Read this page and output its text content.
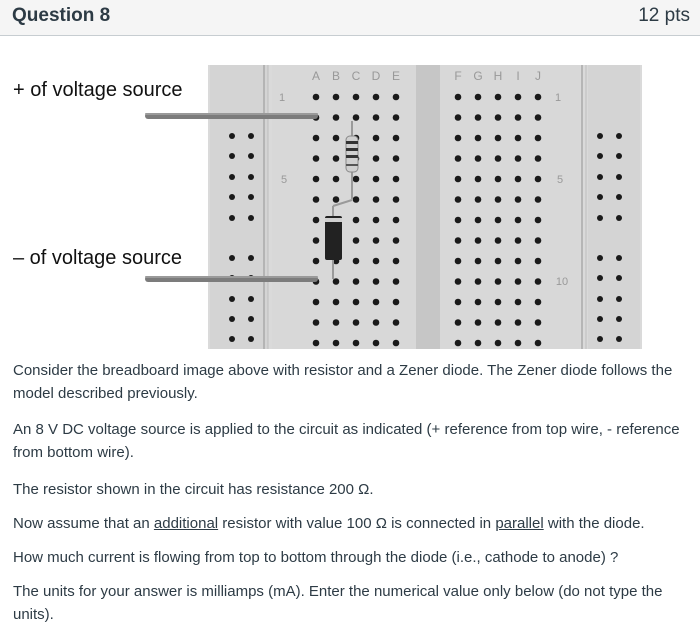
Question 8	12 pts
A B C D E	F G H I J
1	1
5	5
10
+ of voltage source
– of voltage source

Consider the breadboard image above with resistor and a Zener diode. The Zener diode follows the model described previously.

An 8 V DC voltage source is applied to the circuit as indicated (+ reference from top wire, - reference from bottom wire).

The resistor shown in the circuit has resistance 200 Ω.

Now assume that an additional resistor with value 100 Ω is connected in parallel with the diode.

How much current is flowing from top to bottom through the diode (i.e., cathode to anode) ?

The units for your answer is milliamps (mA). Enter the numerical value only below (do not type the units).
